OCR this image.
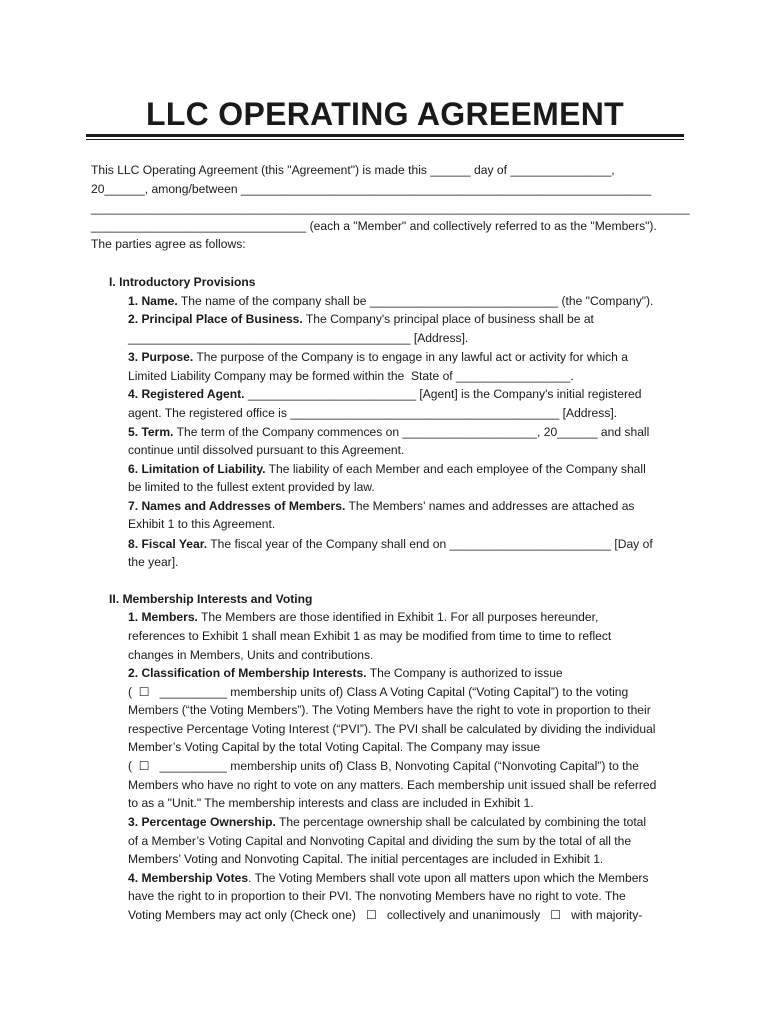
LLC OPERATING AGREEMENT
This LLC Operating Agreement (this "Agreement") is made this ______ day of _______________,
20______, among/between _____________________________________________________________
_________________________________________________________________________________________
________________________________ (each a "Member" and collectively referred to as the "Members").
The parties agree as follows:
I. Introductory Provisions
1. Name. The name of the company shall be ____________________________ (the "Company").
2. Principal Place of Business. The Company's principal place of business shall be at
__________________________________________ [Address].
3. Purpose. The purpose of the Company is to engage in any lawful act or activity for which a
Limited Liability Company may be formed within the  State of _________________.
4. Registered Agent. _________________________ [Agent] is the Company's initial registered
agent. The registered office is ________________________________________ [Address].
5. Term. The term of the Company commences on ____________________, 20______ and shall
continue until dissolved pursuant to this Agreement.
6. Limitation of Liability. The liability of each Member and each employee of the Company shall
be limited to the fullest extent provided by law.
7. Names and Addresses of Members. The Members' names and addresses are attached as
Exhibit 1 to this Agreement.
8. Fiscal Year. The fiscal year of the Company shall end on ________________________ [Day of
the year].
II. Membership Interests and Voting
1. Members. The Members are those identified in Exhibit 1. For all purposes hereunder,
references to Exhibit 1 shall mean Exhibit 1 as may be modified from time to time to reflect
changes in Members, Units and contributions.
2. Classification of Membership Interests. The Company is authorized to issue
(  ☐   __________ membership units of) Class A Voting Capital (“Voting Capital”) to the voting
Members (“the Voting Members”). The Voting Members have the right to vote in proportion to their
respective Percentage Voting Interest (“PVI”). The PVI shall be calculated by dividing the individual
Member’s Voting Capital by the total Voting Capital. The Company may issue
(  ☐   __________ membership units of) Class B, Nonvoting Capital (“Nonvoting Capital”) to the
Members who have no right to vote on any matters. Each membership unit issued shall be referred
to as a "Unit." The membership interests and class are included in Exhibit 1.
3. Percentage Ownership. The percentage ownership shall be calculated by combining the total
of a Member’s Voting Capital and Nonvoting Capital and dividing the sum by the total of all the
Members’ Voting and Nonvoting Capital. The initial percentages are included in Exhibit 1.
4. Membership Votes. The Voting Members shall vote upon all matters upon which the Members
have the right to in proportion to their PVI. The nonvoting Members have no right to vote. The
Voting Members may act only (Check one)   ☐   collectively and unanimously   ☐   with majority-
